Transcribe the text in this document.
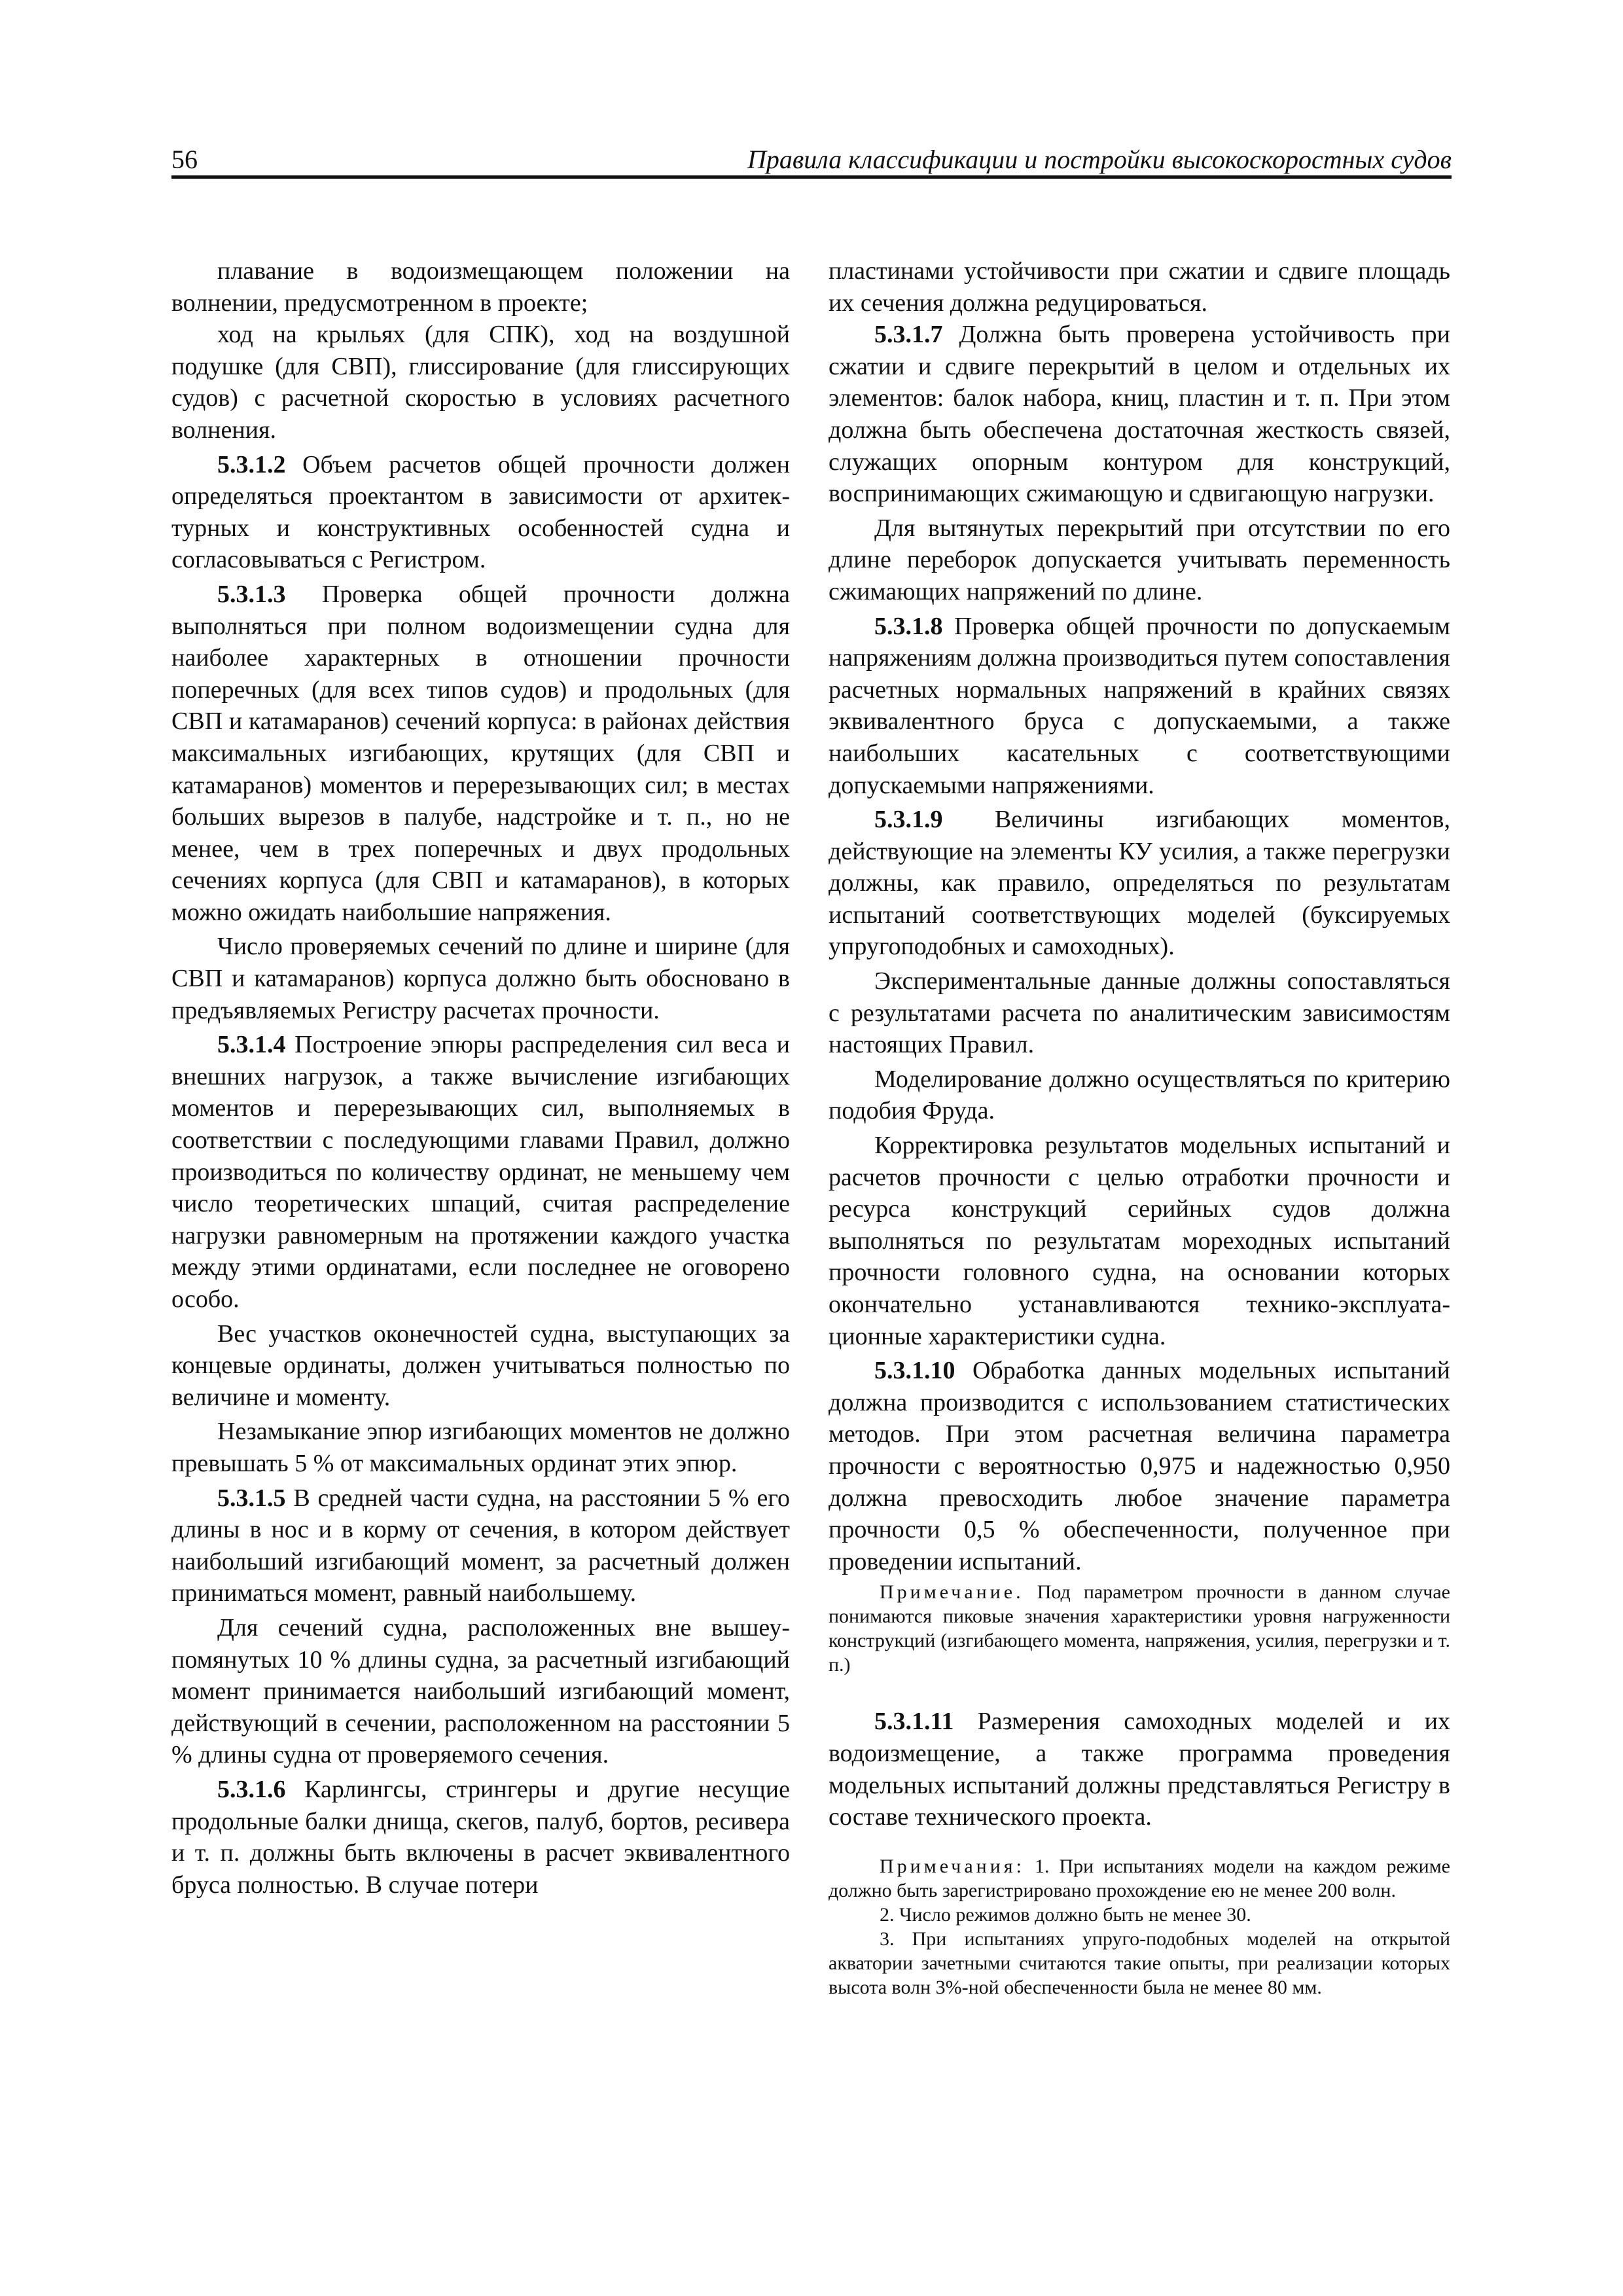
56	Правила классификации и постройки высокоскоростных судов

плавание в водоизмещающем положении на волнении, предусмотренном в проекте;

ход на крыльях (для СПК), ход на воздушной подушке (для СВП), глиссирование (для глиссирующих судов) с расчетной скоростью в условиях расчетного волнения.

5.3.1.2 Объем расчетов общей прочности должен определяться проектантом в зависимости от архитектурных и конструктивных особенностей судна и согласовываться с Регистром.

5.3.1.3 Проверка общей прочности должна выполняться при полном водоизмещении судна для наиболее характерных в отношении прочности поперечных (для всех типов судов) и продольных (для СВП и катамаранов) сечений корпуса: в районах действия максимальных изгибающих, крутящих (для СВП и катамаранов) моментов и перерезывающих сил; в местах больших вырезов в палубе, надстройке и т. п., но не менее, чем в трех поперечных и двух продольных сечениях корпуса (для СВП и катамаранов), в которых можно ожидать наибольшие напряжения.

Число проверяемых сечений по длине и ширине (для СВП и катамаранов) корпуса должно быть обосновано в предъявляемых Регистру расчетах прочности.

5.3.1.4 Построение эпюры распределения сил веса и внешних нагрузок, а также вычисление изгибающих моментов и перерезывающих сил, выполняемых в соответствии с последующими главами Правил, должно производиться по количеству ординат, не меньшему чем число теоретических шпаций, считая распределение нагрузки равномерным на протяжении каждого участка между этими ординатами, если последнее не оговорено особо.

Вес участков оконечностей судна, выступающих за концевые ординаты, должен учитываться полностью по величине и моменту.

Незамыкание эпюр изгибающих моментов не должно превышать 5 % от максимальных ординат этих эпюр.

5.3.1.5 В средней части судна, на расстоянии 5 % его длины в нос и в корму от сечения, в котором действует наибольший изгибающий момент, за расчетный должен приниматься момент, равный наибольшему.

Для сечений судна, расположенных вне вышеупомянутых 10 % длины судна, за расчетный изгибающий момент принимается наибольший изгибающий момент, действующий в сечении, расположенном на расстоянии 5 % длины судна от проверяемого сечения.

5.3.1.6 Карлингсы, стрингеры и другие несущие продольные балки днища, скегов, палуб, бортов, ресивера и т. п. должны быть включены в расчет эквивалентного бруса полностью. В случае потери

пластинами устойчивости при сжатии и сдвиге площадь их сечения должна редуцироваться.

5.3.1.7 Должна быть проверена устойчивость при сжатии и сдвиге перекрытий в целом и отдельных их элементов: балок набора, книц, пластин и т. п. При этом должна быть обеспечена достаточная жесткость связей, служащих опорным контуром для конструкций, воспринимающих сжимающую и сдвигающую нагрузки.

Для вытянутых перекрытий при отсутствии по его длине переборок допускается учитывать переменность сжимающих напряжений по длине.

5.3.1.8 Проверка общей прочности по допускаемым напряжениям должна производиться путем сопоставления расчетных нормальных напряжений в крайних связях эквивалентного бруса с допускаемыми, а также наибольших касательных с соответствующими допускаемыми напряжениями.

5.3.1.9 Величины изгибающих моментов, действующие на элементы КУ усилия, а также перегрузки должны, как правило, определяться по результатам испытаний соответствующих моделей (буксируемых упругоподобных и самоходных).

Экспериментальные данные должны сопоставляться с результатами расчета по аналитическим зависимостям настоящих Правил.

Моделирование должно осуществляться по критерию подобия Фруда.

Корректировка результатов модельных испытаний и расчетов прочности с целью отработки прочности и ресурса конструкций серийных судов должна выполняться по результатам мореходных испытаний прочности головного судна, на основании которых окончательно устанавливаются технико-эксплуатационные характеристики судна.

5.3.1.10 Обработка данных модельных испытаний должна производится с использованием статистических методов. При этом расчетная величина параметра прочности с вероятностью 0,975 и надежностью 0,950 должна превосходить любое значение параметра прочности 0,5 % обеспеченности, полученное при проведении испытаний.

Примечание. Под параметром прочности в данном случае понимаются пиковые значения характеристики уровня нагруженности конструкций (изгибающего момента, напряжения, усилия, перегрузки и т. п.)

5.3.1.11 Размерения самоходных моделей и их водоизмещение, а также программа проведения модельных испытаний должны представляться Регистру в составе технического проекта.

Примечания: 1. При испытаниях модели на каждом режиме должно быть зарегистрировано прохождение ею не менее 200 волн.

2. Число режимов должно быть не менее 30.

3. При испытаниях упруго-подобных моделей на открытой акватории зачетными считаются такие опыты, при реализации которых высота волн 3%-ной обеспеченности была не менее 80 мм.
